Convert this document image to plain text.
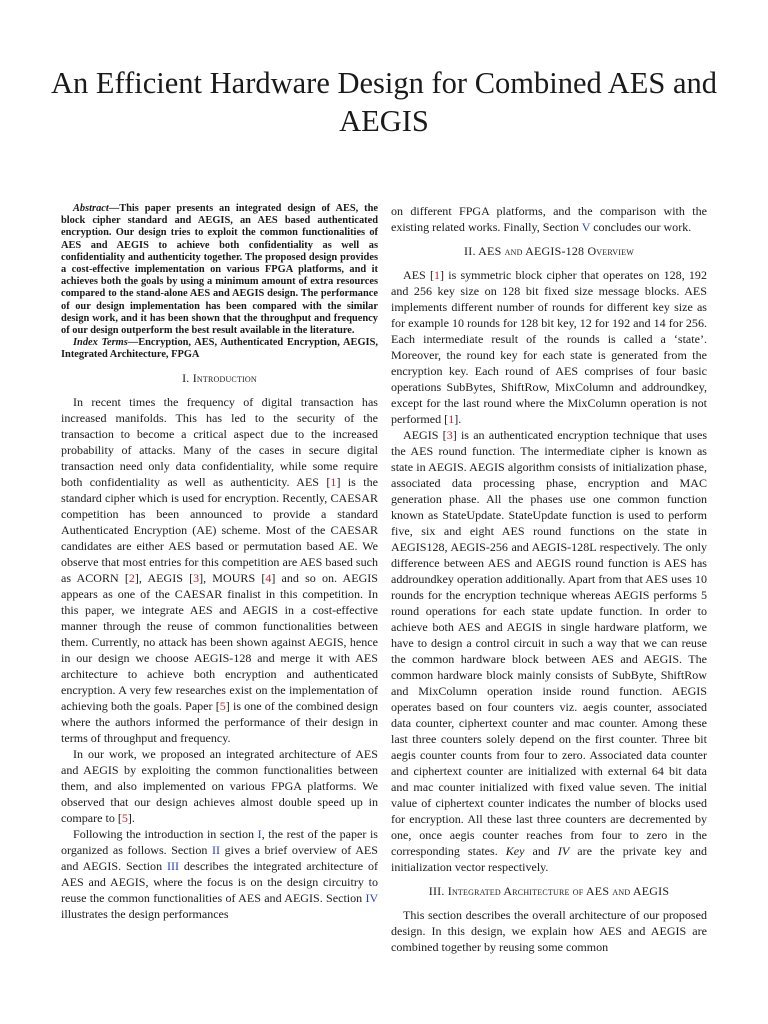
An Efficient Hardware Design for Combined AES and AEGIS

Abstract—This paper presents an integrated design of AES, the block cipher standard and AEGIS, an AES based authenticated encryption. Our design tries to exploit the common functionalities of AES and AEGIS to achieve both confidentiality as well as confidentiality and authenticity together. The proposed design provides a cost-effective implementation on various FPGA platforms, and it achieves both the goals by using a minimum amount of extra resources compared to the stand-alone AES and AEGIS design. The performance of our design implementation has been compared with the similar design work, and it has been shown that the throughput and frequency of our design outperform the best result available in the literature.

Index Terms—Encryption, AES, Authenticated Encryption, AEGIS, Integrated Architecture, FPGA

I. Introduction

In recent times the frequency of digital transaction has increased manifolds. This has led to the security of the transaction to become a critical aspect due to the increased probability of attacks. Many of the cases in secure digital transaction need only data confidentiality, while some require both confidentiality as well as authenticity. AES [1] is the standard cipher which is used for encryption. Recently, CAESAR competition has been announced to provide a standard Authenticated Encryption (AE) scheme. Most of the CAESAR candidates are either AES based or permutation based AE. We observe that most entries for this competition are AES based such as ACORN [2], AEGIS [3], MOURS [4] and so on. AEGIS appears as one of the CAESAR finalist in this competition. In this paper, we integrate AES and AEGIS in a cost-effective manner through the reuse of common functionalities between them. Currently, no attack has been shown against AEGIS, hence in our design we choose AEGIS-128 and merge it with AES architecture to achieve both encryption and authenticated encryption. A very few researches exist on the implementation of achieving both the goals. Paper [5] is one of the combined design where the authors informed the performance of their design in terms of throughput and frequency.

In our work, we proposed an integrated architecture of AES and AEGIS by exploiting the common functionalities between them, and also implemented on various FPGA platforms. We observed that our design achieves almost double speed up in compare to [5].

Following the introduction in section I, the rest of the paper is organized as follows. Section II gives a brief overview of AES and AEGIS. Section III describes the integrated architecture of AES and AEGIS, where the focus is on the design circuitry to reuse the common functionalities of AES and AEGIS. Section IV illustrates the design performances

on different FPGA platforms, and the comparison with the existing related works. Finally, Section V concludes our work.

II. AES and AEGIS-128 Overview

AES [1] is symmetric block cipher that operates on 128, 192 and 256 key size on 128 bit fixed size message blocks. AES implements different number of rounds for different key size as for example 10 rounds for 128 bit key, 12 for 192 and 14 for 256. Each intermediate result of the rounds is called a ‘state’. Moreover, the round key for each state is generated from the encryption key. Each round of AES comprises of four basic operations SubBytes, ShiftRow, MixColumn and addroundkey, except for the last round where the MixColumn operation is not performed [1].

AEGIS [3] is an authenticated encryption technique that uses the AES round function. The intermediate cipher is known as state in AEGIS. AEGIS algorithm consists of initialization phase, associated data processing phase, encryption and MAC generation phase. All the phases use one common function known as StateUpdate. StateUpdate function is used to perform five, six and eight AES round functions on the state in AEGIS128, AEGIS-256 and AEGIS-128L respectively. The only difference between AES and AEGIS round function is AES has addroundkey operation additionally. Apart from that AES uses 10 rounds for the encryption technique whereas AEGIS performs 5 round operations for each state update function. In order to achieve both AES and AEGIS in single hardware platform, we have to design a control circuit in such a way that we can reuse the common hardware block between AES and AEGIS. The common hardware block mainly consists of SubByte, ShiftRow and MixColumn operation inside round function. AEGIS operates based on four counters viz. aegis counter, associated data counter, ciphertext counter and mac counter. Among these last three counters solely depend on the first counter. Three bit aegis counter counts from four to zero. Associated data counter and ciphertext counter are initialized with external 64 bit data and mac counter initialized with fixed value seven. The initial value of ciphertext counter indicates the number of blocks used for encryption. All these last three counters are decremented by one, once aegis counter reaches from four to zero in the corresponding states. Key and IV are the private key and initialization vector respectively.

III. Integrated Architecture of AES and AEGIS

This section describes the overall architecture of our proposed design. In this design, we explain how AES and AEGIS are combined together by reusing some common
